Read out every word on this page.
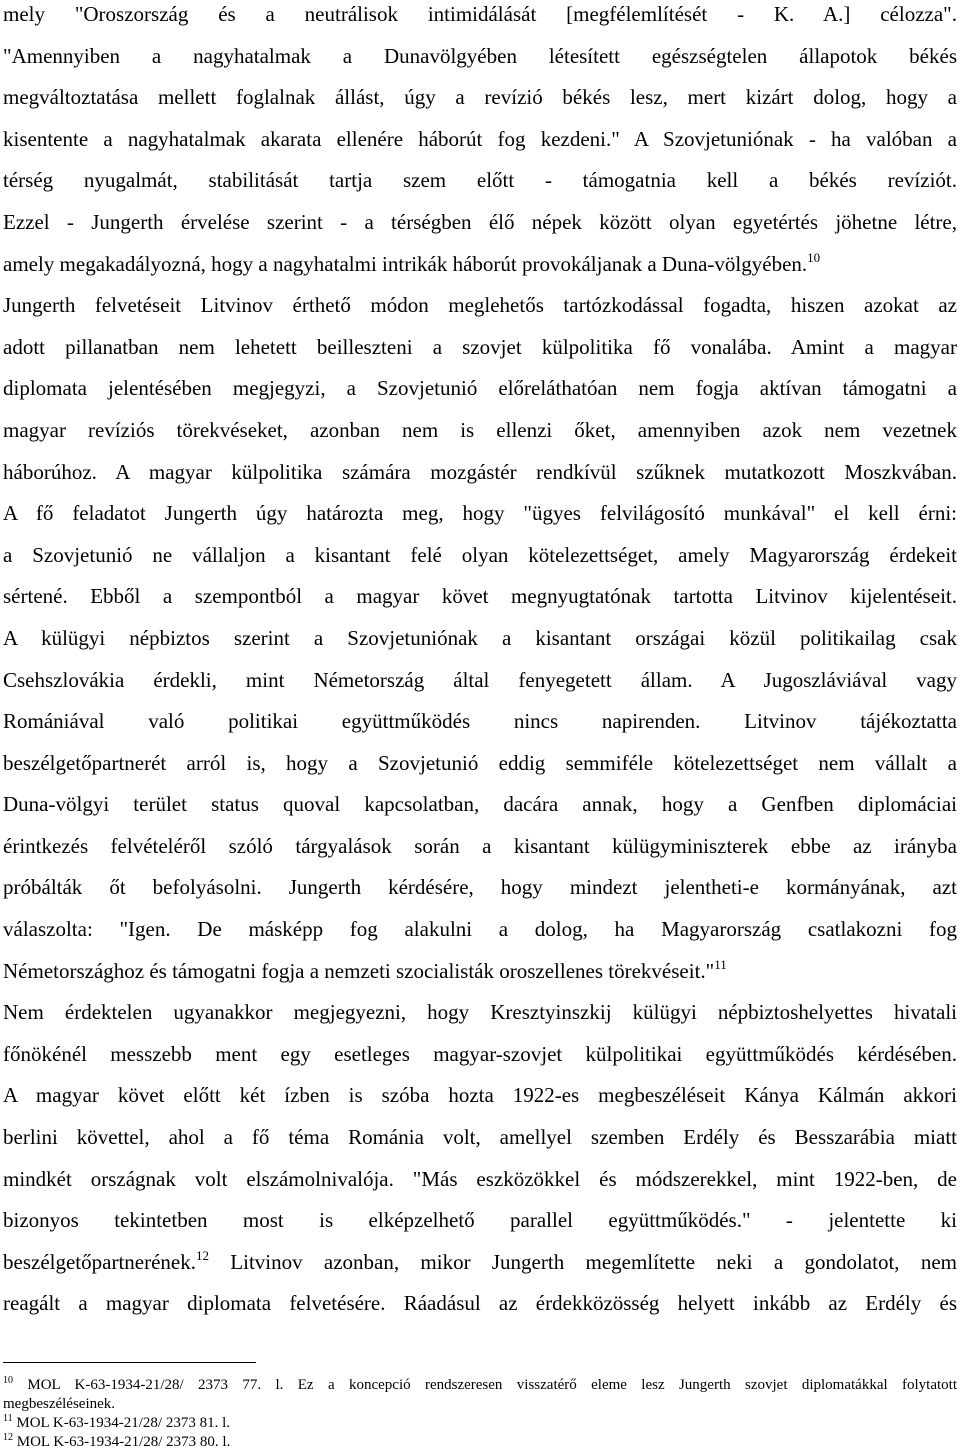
mely "Oroszország és a neutrálisok intimidálását [megfélemlítését - K. A.] célozza".
"Amennyiben a nagyhatalmak a Dunavölgyében létesített egészségtelen állapotok békés
megváltoztatása mellett foglalnak állást, úgy a revízió békés lesz, mert kizárt dolog, hogy a
kisentente a nagyhatalmak akarata ellenére háborút fog kezdeni." A Szovjetuniónak - ha valóban a
térség nyugalmát, stabilitását tartja szem előtt - támogatnia kell a békés revíziót.
Ezzel - Jungerth érvelése szerint - a térségben élő népek között olyan egyetértés jöhetne létre,
amely megakadályozná, hogy a nagyhatalmi intrikák háborút provokáljanak a Duna-völgyében.$^{10}$
Jungerth felvetéseit Litvinov érthető módon meglehetős tartózkodással fogadta, hiszen azokat az
adott pillanatban nem lehetett beilleszteni a szovjet külpolitika fő vonalába. Amint a magyar
diplomata jelentésében megjegyzi, a Szovjetunió előreláthatóan nem fogja aktívan támogatni a
magyar revíziós törekvéseket, azonban nem is ellenzi őket, amennyiben azok nem vezetnek
háborúhoz. A magyar külpolitika számára mozgástér rendkívül szűknek mutatkozott Moszkvában.
A fő feladatot Jungerth úgy határozta meg, hogy "ügyes felvilágosító munkával" el kell érni:
a Szovjetunió ne vállaljon a kisantant felé olyan kötelezettséget, amely Magyarország érdekeit
sértené. Ebből a szempontból a magyar követ megnyugtatónak tartotta Litvinov kijelentéseit.
A külügyi népbiztos szerint a Szovjetuniónak a kisantant országai közül politikailag csak
Csehszlovákia érdekli, mint Németország által fenyegetett állam. A Jugoszláviával vagy
Romániával való politikai együttműködés nincs napirenden. Litvinov tájékoztatta
beszélgetőpartnerét arról is, hogy a Szovjetunió eddig semmiféle kötelezettséget nem vállalt a
Duna-völgyi terület status quoval kapcsolatban, dacára annak, hogy a Genfben diplomáciai
érintkezés felvételéről szóló tárgyalások során a kisantant külügyminiszterek ebbe az irányba
próbálták őt befolyásolni. Jungerth kérdésére, hogy mindezt jelentheti-e kormányának, azt
válaszolta: "Igen. De másképp fog alakulni a dolog, ha Magyarország csatlakozni fog
Németországhoz és támogatni fogja a nemzeti szocialisták oroszellenes törekvéseit."$^{11}$
Nem érdektelen ugyanakkor megjegyezni, hogy Kresztyinszkij külügyi népbiztoshelyettes hivatali
főnökénél messzebb ment egy esetleges magyar-szovjet külpolitikai együttműködés kérdésében.
A magyar követ előtt két ízben is szóba hozta 1922-es megbeszéléseit Kánya Kálmán akkori
berlini követtel, ahol a fő téma Románia volt, amellyel szemben Erdély és Besszarábia miatt
mindkét országnak volt elszámolnivalója. "Más eszközökkel és módszerekkel, mint 1922-ben, de
bizonyos tekintetben most is elképzelhető parallel együttműködés." - jelentette ki
beszélgetőpartnerének.$^{12}$ Litvinov azonban, mikor Jungerth megemlítette neki a gondolatot, nem
reagált a magyar diplomata felvetésére. Ráadásul az érdekközösség helyett inkább az Erdély és
$^{10}$ MOL K-63-1934-21/28/ 2373 77. l. Ez a koncepció rendszeresen visszatérő eleme lesz Jungerth szovjet diplomatákkal folytatott
megbeszéléseinek.
$^{11}$ MOL K-63-1934-21/28/ 2373 81. l.
$^{12}$ MOL K-63-1934-21/28/ 2373 80. l.
